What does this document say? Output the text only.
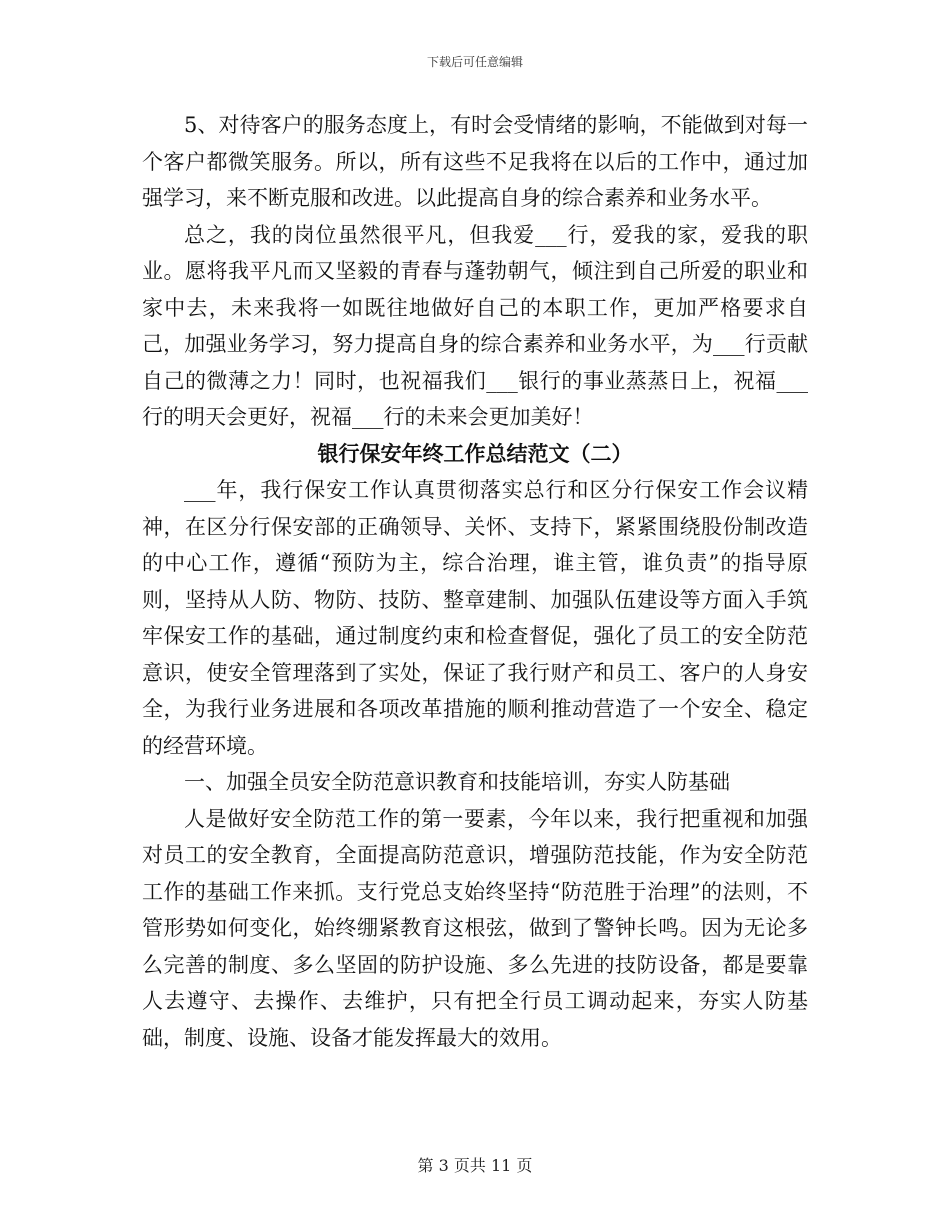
下载后可任意编辑

5、对待客户的服务态度上，有时会受情绪的影响，不能做到对每一个客户都微笑服务。所以，所有这些不足我将在以后的工作中，通过加强学习，来不断克服和改进。以此提高自身的综合素养和业务水平。

总之，我的岗位虽然很平凡，但我爱___行，爱我的家，爱我的职业。愿将我平凡而又坚毅的青春与蓬勃朝气，倾注到自己所爱的职业和家中去，未来我将一如既往地做好自己的本职工作，更加严格要求自己，加强业务学习，努力提高自身的综合素养和业务水平，为___行贡献自己的微薄之力！同时，也祝福我们___银行的事业蒸蒸日上，祝福___行的明天会更好，祝福___行的未来会更加美好！

银行保安年终工作总结范文（二）

___年，我行保安工作认真贯彻落实总行和区分行保安工作会议精神，在区分行保安部的正确领导、关怀、支持下，紧紧围绕股份制改造的中心工作，遵循“预防为主，综合治理，谁主管，谁负责”的指导原则，坚持从人防、物防、技防、整章建制、加强队伍建设等方面入手筑牢保安工作的基础，通过制度约束和检查督促，强化了员工的安全防范意识，使安全管理落到了实处，保证了我行财产和员工、客户的人身安全，为我行业务进展和各项改革措施的顺利推动营造了一个安全、稳定的经营环境。

一、加强全员安全防范意识教育和技能培训，夯实人防基础

人是做好安全防范工作的第一要素，今年以来，我行把重视和加强对员工的安全教育，全面提高防范意识，增强防范技能，作为安全防范工作的基础工作来抓。支行党总支始终坚持“防范胜于治理”的法则，不管形势如何变化，始终绷紧教育这根弦，做到了警钟长鸣。因为无论多么完善的制度、多么坚固的防护设施、多么先进的技防设备，都是要靠人去遵守、去操作、去维护，只有把全行员工调动起来，夯实人防基础，制度、设施、设备才能发挥最大的效用。

第 3 页共 11 页
